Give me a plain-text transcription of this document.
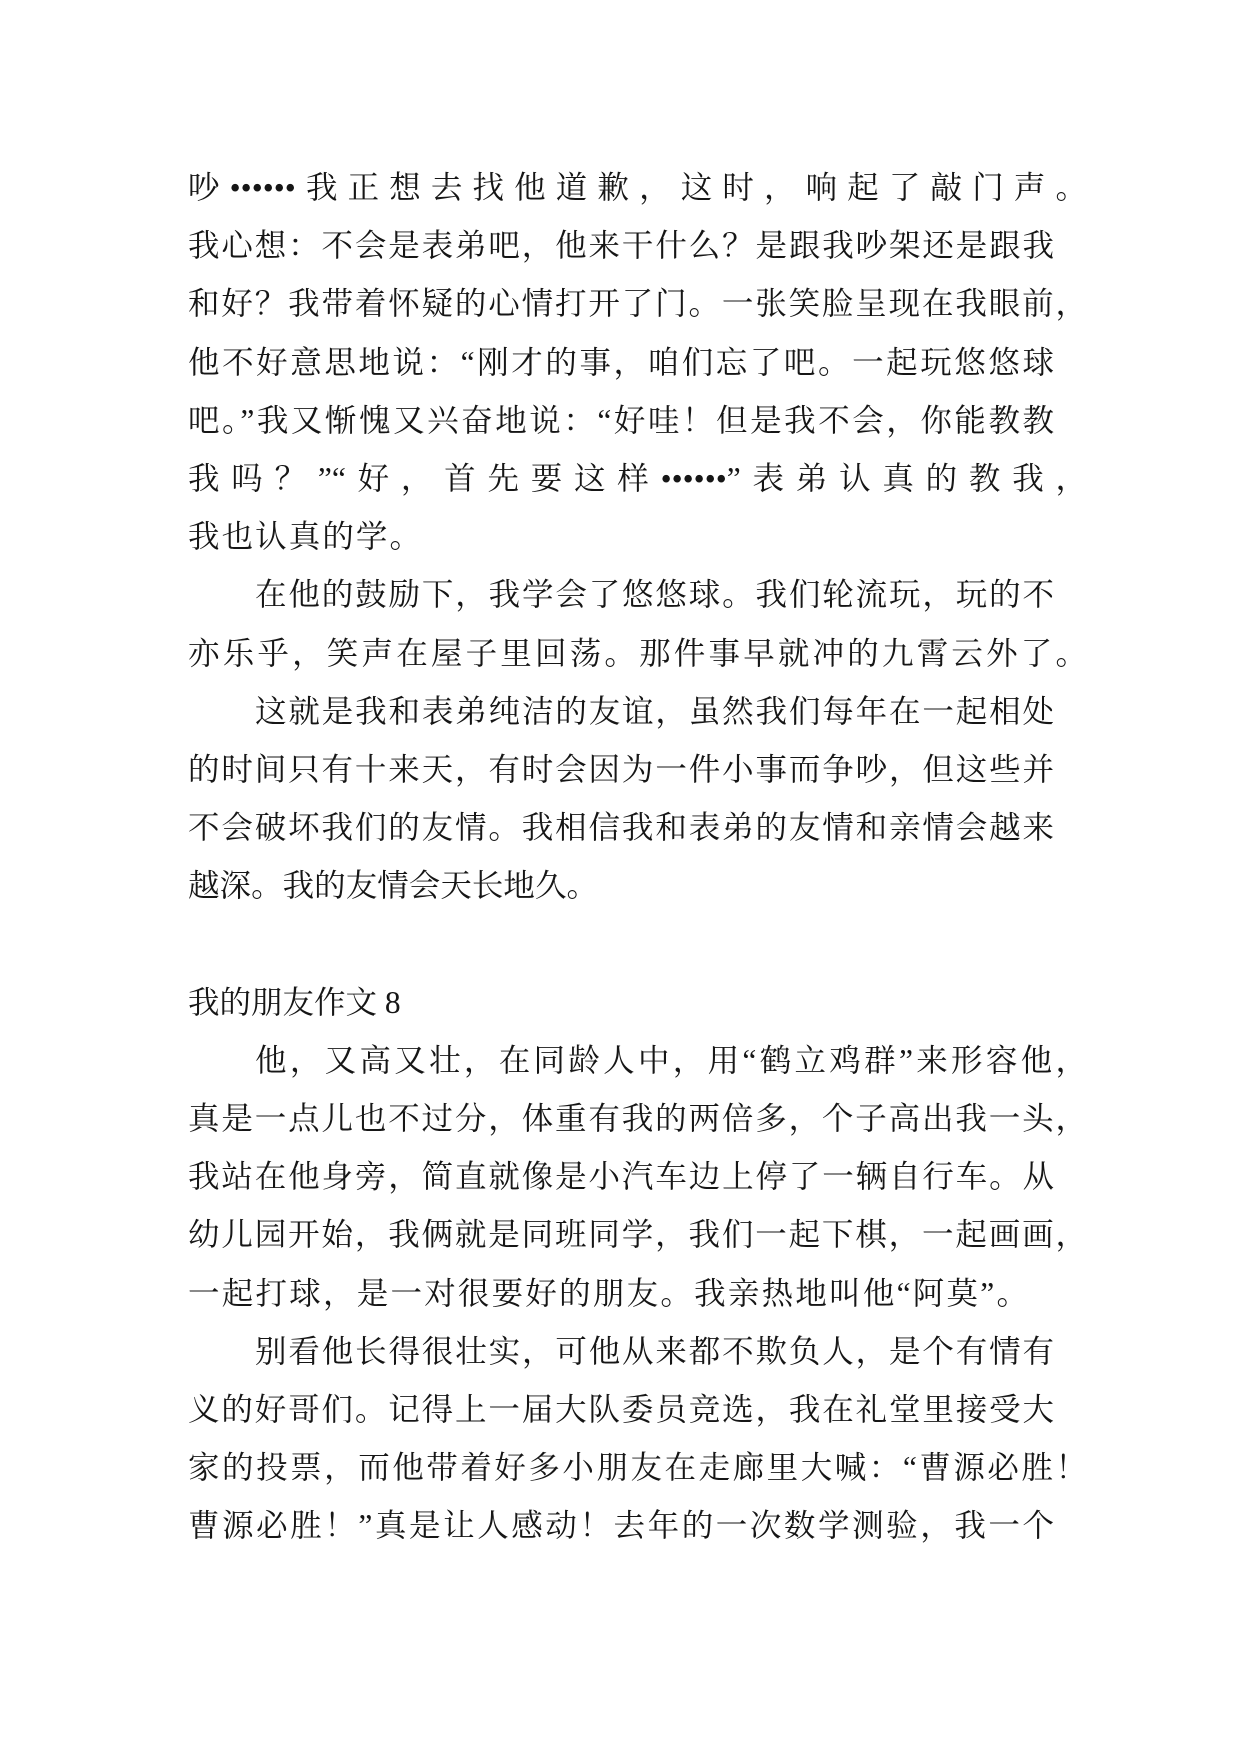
吵••••••我正想去找他道歉，这时，响起了敲门声。
我心想：不会是表弟吧，他来干什么？是跟我吵架还是跟我
和好？我带着怀疑的心情打开了门。一张笑脸呈现在我眼前，
他不好意思地说：“刚才的事，咱们忘了吧。一起玩悠悠球
吧。”我又惭愧又兴奋地说：“好哇！但是我不会，你能教教
我吗？”“好，首先要这样••••••”表弟认真的教我，
我也认真的学。
在他的鼓励下，我学会了悠悠球。我们轮流玩，玩的不
亦乐乎，笑声在屋子里回荡。那件事早就冲的九霄云外了。
这就是我和表弟纯洁的友谊，虽然我们每年在一起相处
的时间只有十来天，有时会因为一件小事而争吵，但这些并
不会破坏我们的友情。我相信我和表弟的友情和亲情会越来
越深。我的友情会天长地久。
我的朋友作文 8
他，又高又壮，在同龄人中，用“鹤立鸡群”来形容他，
真是一点儿也不过分，体重有我的两倍多，个子高出我一头，
我站在他身旁，简直就像是小汽车边上停了一辆自行车。从
幼儿园开始，我俩就是同班同学，我们一起下棋，一起画画，
一起打球，是一对很要好的朋友。我亲热地叫他“阿莫”。
别看他长得很壮实，可他从来都不欺负人，是个有情有
义的好哥们。记得上一届大队委员竞选，我在礼堂里接受大
家的投票，而他带着好多小朋友在走廊里大喊：“曹源必胜！
曹源必胜！”真是让人感动！去年的一次数学测验，我一个
